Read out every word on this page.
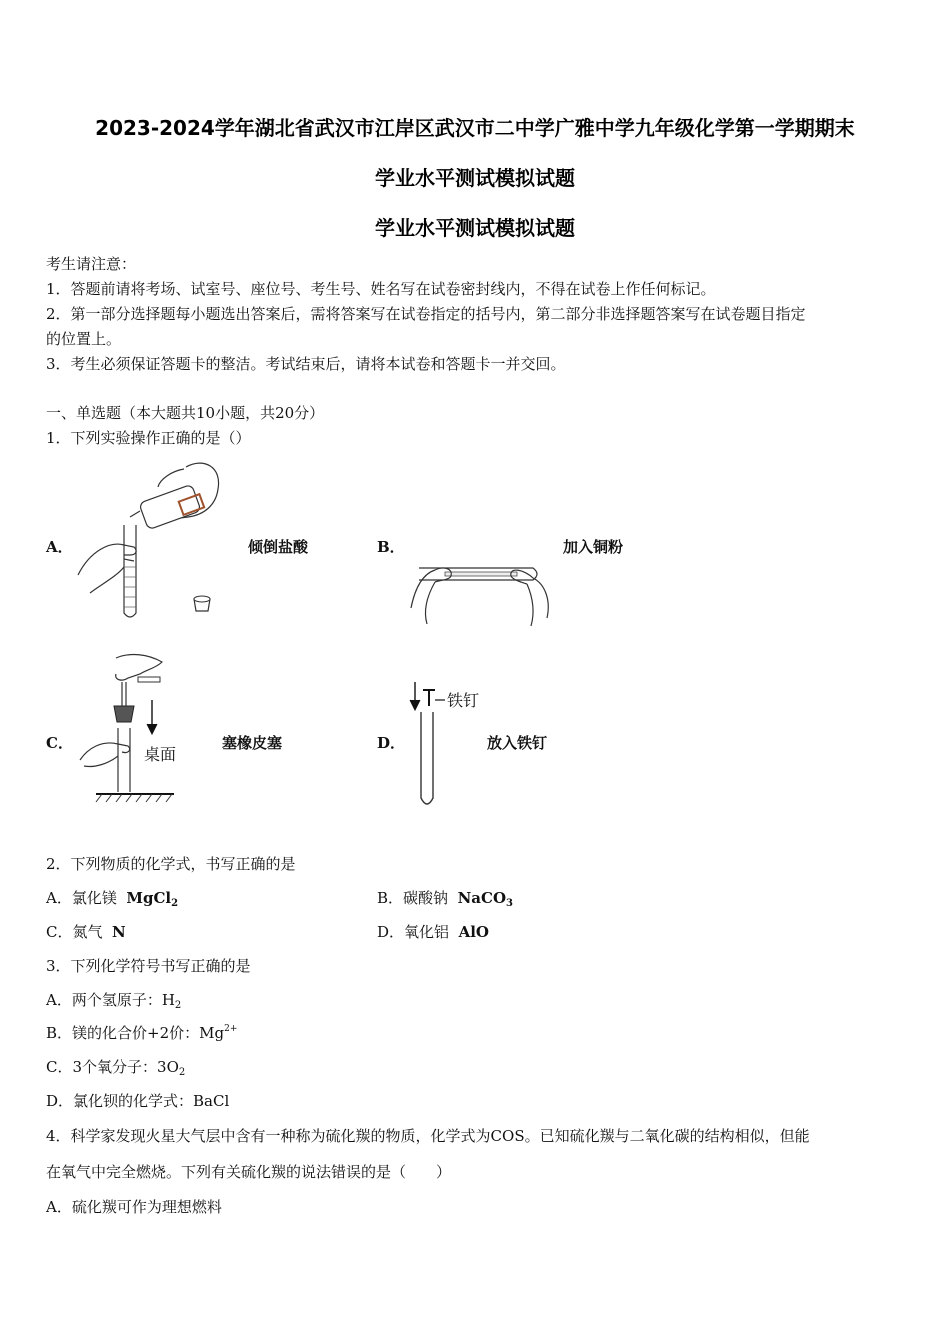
2023-2024学年湖北省武汉市江岸区武汉市二中学广雅中学九年级化学第一学期期末
学业水平测试模拟试题
学业水平测试模拟试题
考生请注意：
1．答题前请将考场、试室号、座位号、考生号、姓名写在试卷密封线内，不得在试卷上作任何标记。
2．第一部分选择题每小题选出答案后，需将答案写在试卷指定的括号内，第二部分非选择题答案写在试卷题目指定
的位置上。
3．考生必须保证答题卡的整洁。考试结束后，请将本试卷和答题卡一并交回。
一、单选题（本大题共10小题，共20分）
1．下列实验操作正确的是（）
A．	倾倒盐酸	B．	加入铜粉
C．
桌面
塞橡皮塞	D．
铁钉
放入铁钉
2．下列物质的化学式，书写正确的是
A．氯化镁 MgCl$_2$	B．碳酸钠 NaCO$_3$
C．氮气 N	D．氧化铝 AlO
3．下列化学符号书写正确的是
A．两个氢原子：$H_2$
B．镁的化合价+2价：$Mg^{2+}$
C．3个氧分子：$3O_2$
D．氯化钡的化学式：BaCl
4．科学家发现火星大气层中含有一种称为硫化羰的物质，化学式为COS。已知硫化羰与二氧化碳的结构相似，但能
在氧气中完全燃烧。下列有关硫化羰的说法错误的是（　　）
A．硫化羰可作为理想燃料
